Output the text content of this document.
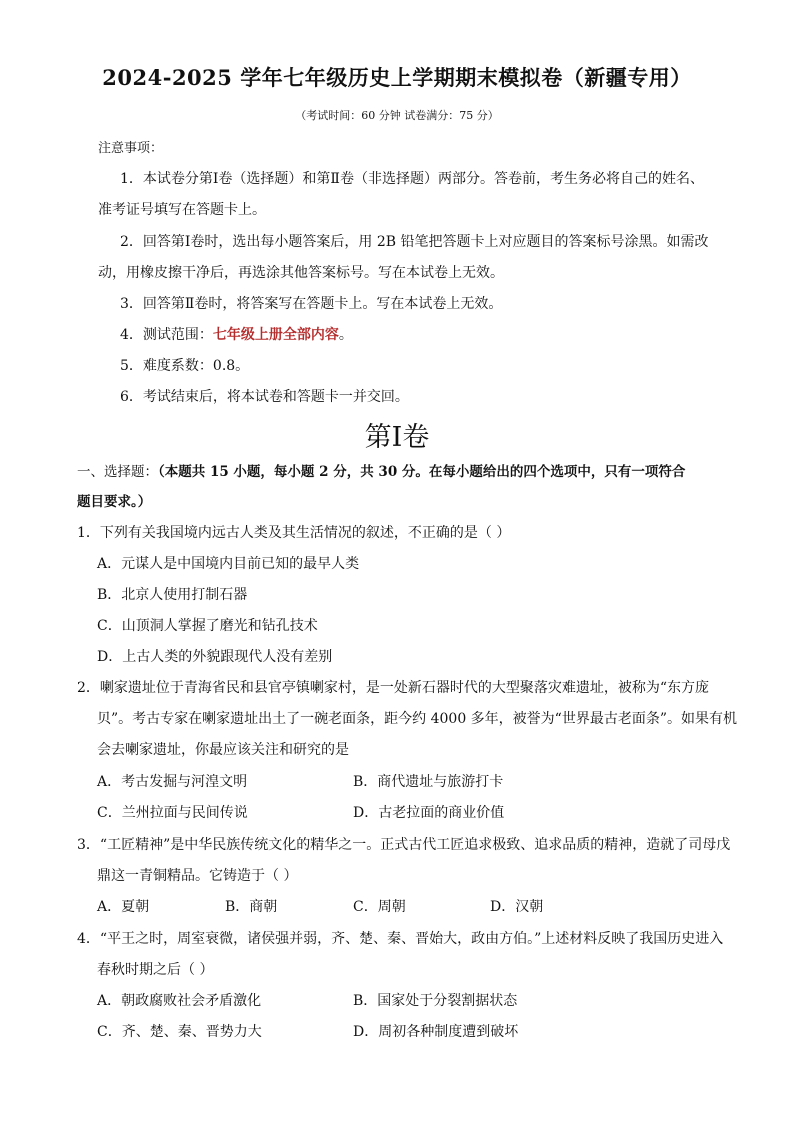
2024-2025 学年七年级历史上学期期末模拟卷（新疆专用）
（考试时间：60 分钟 试卷满分：75 分）
注意事项：
1．本试卷分第Ⅰ卷（选择题）和第Ⅱ卷（非选择题）两部分。答卷前，考生务必将自己的姓名、
准考证号填写在答题卡上。
2．回答第Ⅰ卷时，选出每小题答案后，用 2B 铅笔把答题卡上对应题目的答案标号涂黑。如需改
动，用橡皮擦干净后，再选涂其他答案标号。写在本试卷上无效。
3．回答第Ⅱ卷时，将答案写在答题卡上。写在本试卷上无效。
4．测试范围：七年级上册全部内容。
5．难度系数：0.8。
6．考试结束后，将本试卷和答题卡一并交回。
第Ⅰ卷
一、选择题：（本题共 15 小题，每小题 2 分，共 30 分。在每小题给出的四个选项中，只有一项符合
题目要求。）
1．下列有关我国境内远古人类及其生活情况的叙述，不正确的是（ ）
A．元谋人是中国境内目前已知的最早人类
B．北京人使用打制石器
C．山顶洞人掌握了磨光和钻孔技术
D．上古人类的外貌跟现代人没有差别
2．喇家遗址位于青海省民和县官亭镇喇家村，是一处新石器时代的大型聚落灾难遗址，被称为“东方庞
贝”。考古专家在喇家遗址出土了一碗老面条，距今约 4000 多年，被誉为“世界最古老面条”。如果有机
会去喇家遗址，你最应该关注和研究的是
A．考古发掘与河湟文明	B．商代遗址与旅游打卡
C．兰州拉面与民间传说	D．古老拉面的商业价值
3．“工匠精神”是中华民族传统文化的精华之一。正式古代工匠追求极致、追求品质的精神，造就了司母戊
鼎这一青铜精品。它铸造于（ ）
A．夏朝	B．商朝	C．周朝	D．汉朝
4．“平王之时，周室衰微，诸侯强并弱，齐、楚、秦、晋始大，政由方伯。”上述材料反映了我国历史进入
春秋时期之后（ ）
A．朝政腐败社会矛盾激化	B．国家处于分裂割据状态
C．齐、楚、秦、晋势力大	D．周初各种制度遭到破坏
